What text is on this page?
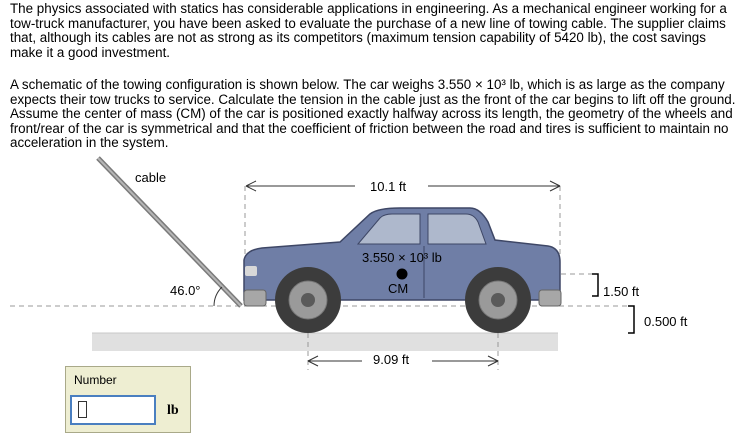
The physics associated with statics has considerable applications in engineering. As a mechanical engineer working for a tow-truck manufacturer, you have been asked to evaluate the purchase of a new line of towing cable. The supplier claims that, although its cables are not as strong as its competitors (maximum tension capability of 5420 lb), the cost savings make it a good investment.

A schematic of the towing configuration is shown below. The car weighs 3.550 × 10³ lb, which is as large as the company expects their tow trucks to service. Calculate the tension in the cable just as the front of the car begins to lift off the ground. Assume the center of mass (CM) of the car is positioned exactly halfway across its length, the geometry of the wheels and front/rear of the car is symmetrical and that the coefficient of friction between the road and tires is sufficient to maintain no acceleration in the system.

cable
46.0°
10.1 ft
9.09 ft
3.550 × 10³ lb
CM	1.50 ft
0.500 ft
Number
lb
